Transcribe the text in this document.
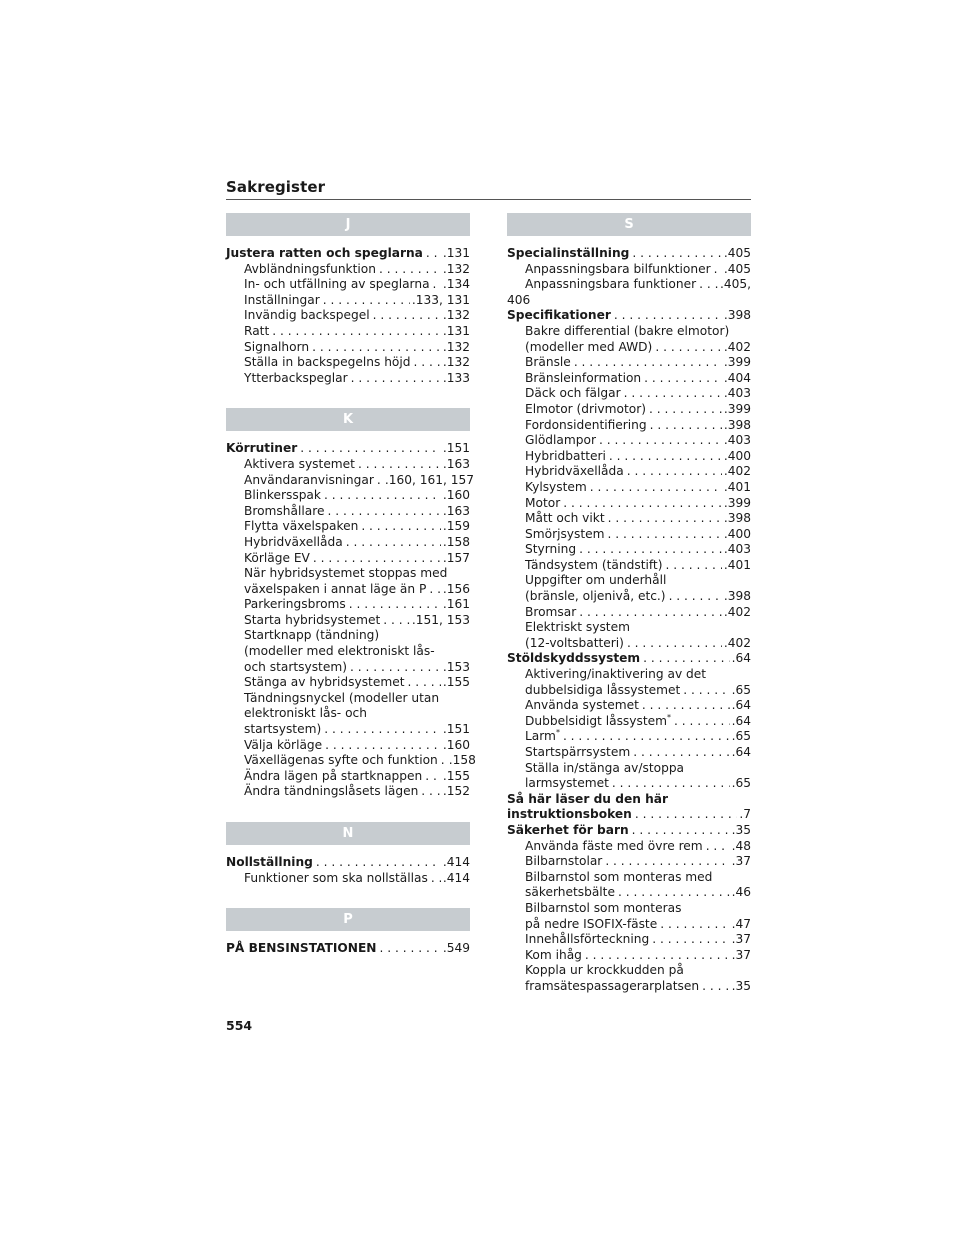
Sakregister
J
Justera ratten och speglarna . . . .131
Avbländningsfunktion . . .	.132
In- och utfällning av speglarna . . . .134
Inställningar . . .	.133, 131
Invändig backspegel . . .	.132
Ratt . . .	.131
Signalhorn . . .	.132
Ställa in backspegelns höjd . . .	.132
Ytterbackspeglar . . .	.133
K
Körrutiner . . .	.151
Aktivera systemet . . .	.163
Användaranvisningar . . . .160, 161, 157
Blinkersspak . . .	.160
Bromshållare . . .	.163
Flytta växelspaken . . .	.159
Hybridväxellåda . . .	.158
Körläge EV . . .	.157
När hybridsystemet stoppas med
växelspaken i annat läge än P . . . .156
Parkeringsbroms . . .	.161
Starta hybridsystemet . . .	.151, 153
Startknapp (tändning)
(modeller med elektroniskt lås-
och startsystem) . . .	.153
Stänga av hybridsystemet . . .	.155
Tändningsnyckel (modeller utan
elektroniskt lås- och
startsystem) . . .	.151
Välja körläge . . .	.160
Växellägenas syfte och funktion . . . .158
Ändra lägen på startknappen . . . .155
Ändra tändningslåsets lägen . . . .152
N
Nollställning . . .	.414
Funktioner som ska nollställas . . . .414
P
PÅ BENSINSTATIONEN . . .	.549
S
Specialinställning . . .	.405
Anpassningsbara bilfunktioner . . . .405
Anpassningsbara funktioner . . . .405,
406
Specifikationer . . .	.398
Bakre differential (bakre elmotor)
(modeller med AWD) . . .	.402
Bränsle . . .	.399
Bränsleinformation . . .	.404
Däck och fälgar . . .	.403
Elmotor (drivmotor) . . .	.399
Fordonsidentifiering . . .	.398
Glödlampor . . .	.403
Hybridbatteri . . .	.400
Hybridväxellåda . . .	.402
Kylsystem . . .	.401
Motor . . .	.399
Mått och vikt . . .	.398
Smörjsystem . . .	.400
Styrning . . .	.403
Tändsystem (tändstift) . . .	.401
Uppgifter om underhåll
(bränsle, oljenivå, etc.) . . .	.398
Bromsar . . .	.402
Elektriskt system
(12-voltsbatteri) . . .	.402
Stöldskyddssystem . . .	.64
Aktivering/inaktivering av det
dubbelsidiga låssystemet . . .	.65
Använda systemet . . .	.64
Dubbelsidigt låssystem* . . .	.64
Larm* . . .	.65
Startspärrsystem . . .	.64
Ställa in/stänga av/stoppa
larmsystemet . . .	.65
Så här läser du den här
instruktionsboken . . .	.7
Säkerhet för barn . . .	.35
Använda fäste med övre rem . . . .48
Bilbarnstolar . . .	.37
Bilbarnstol som monteras med
säkerhetsbälte . . .	.46
Bilbarnstol som monteras
på nedre ISOFIX-fäste . . .	.47
Innehållsförteckning . . .	.37
Kom ihåg . . .	.37
Koppla ur krockkudden på
framsätespassagerarplatsen . . .	.35
554
